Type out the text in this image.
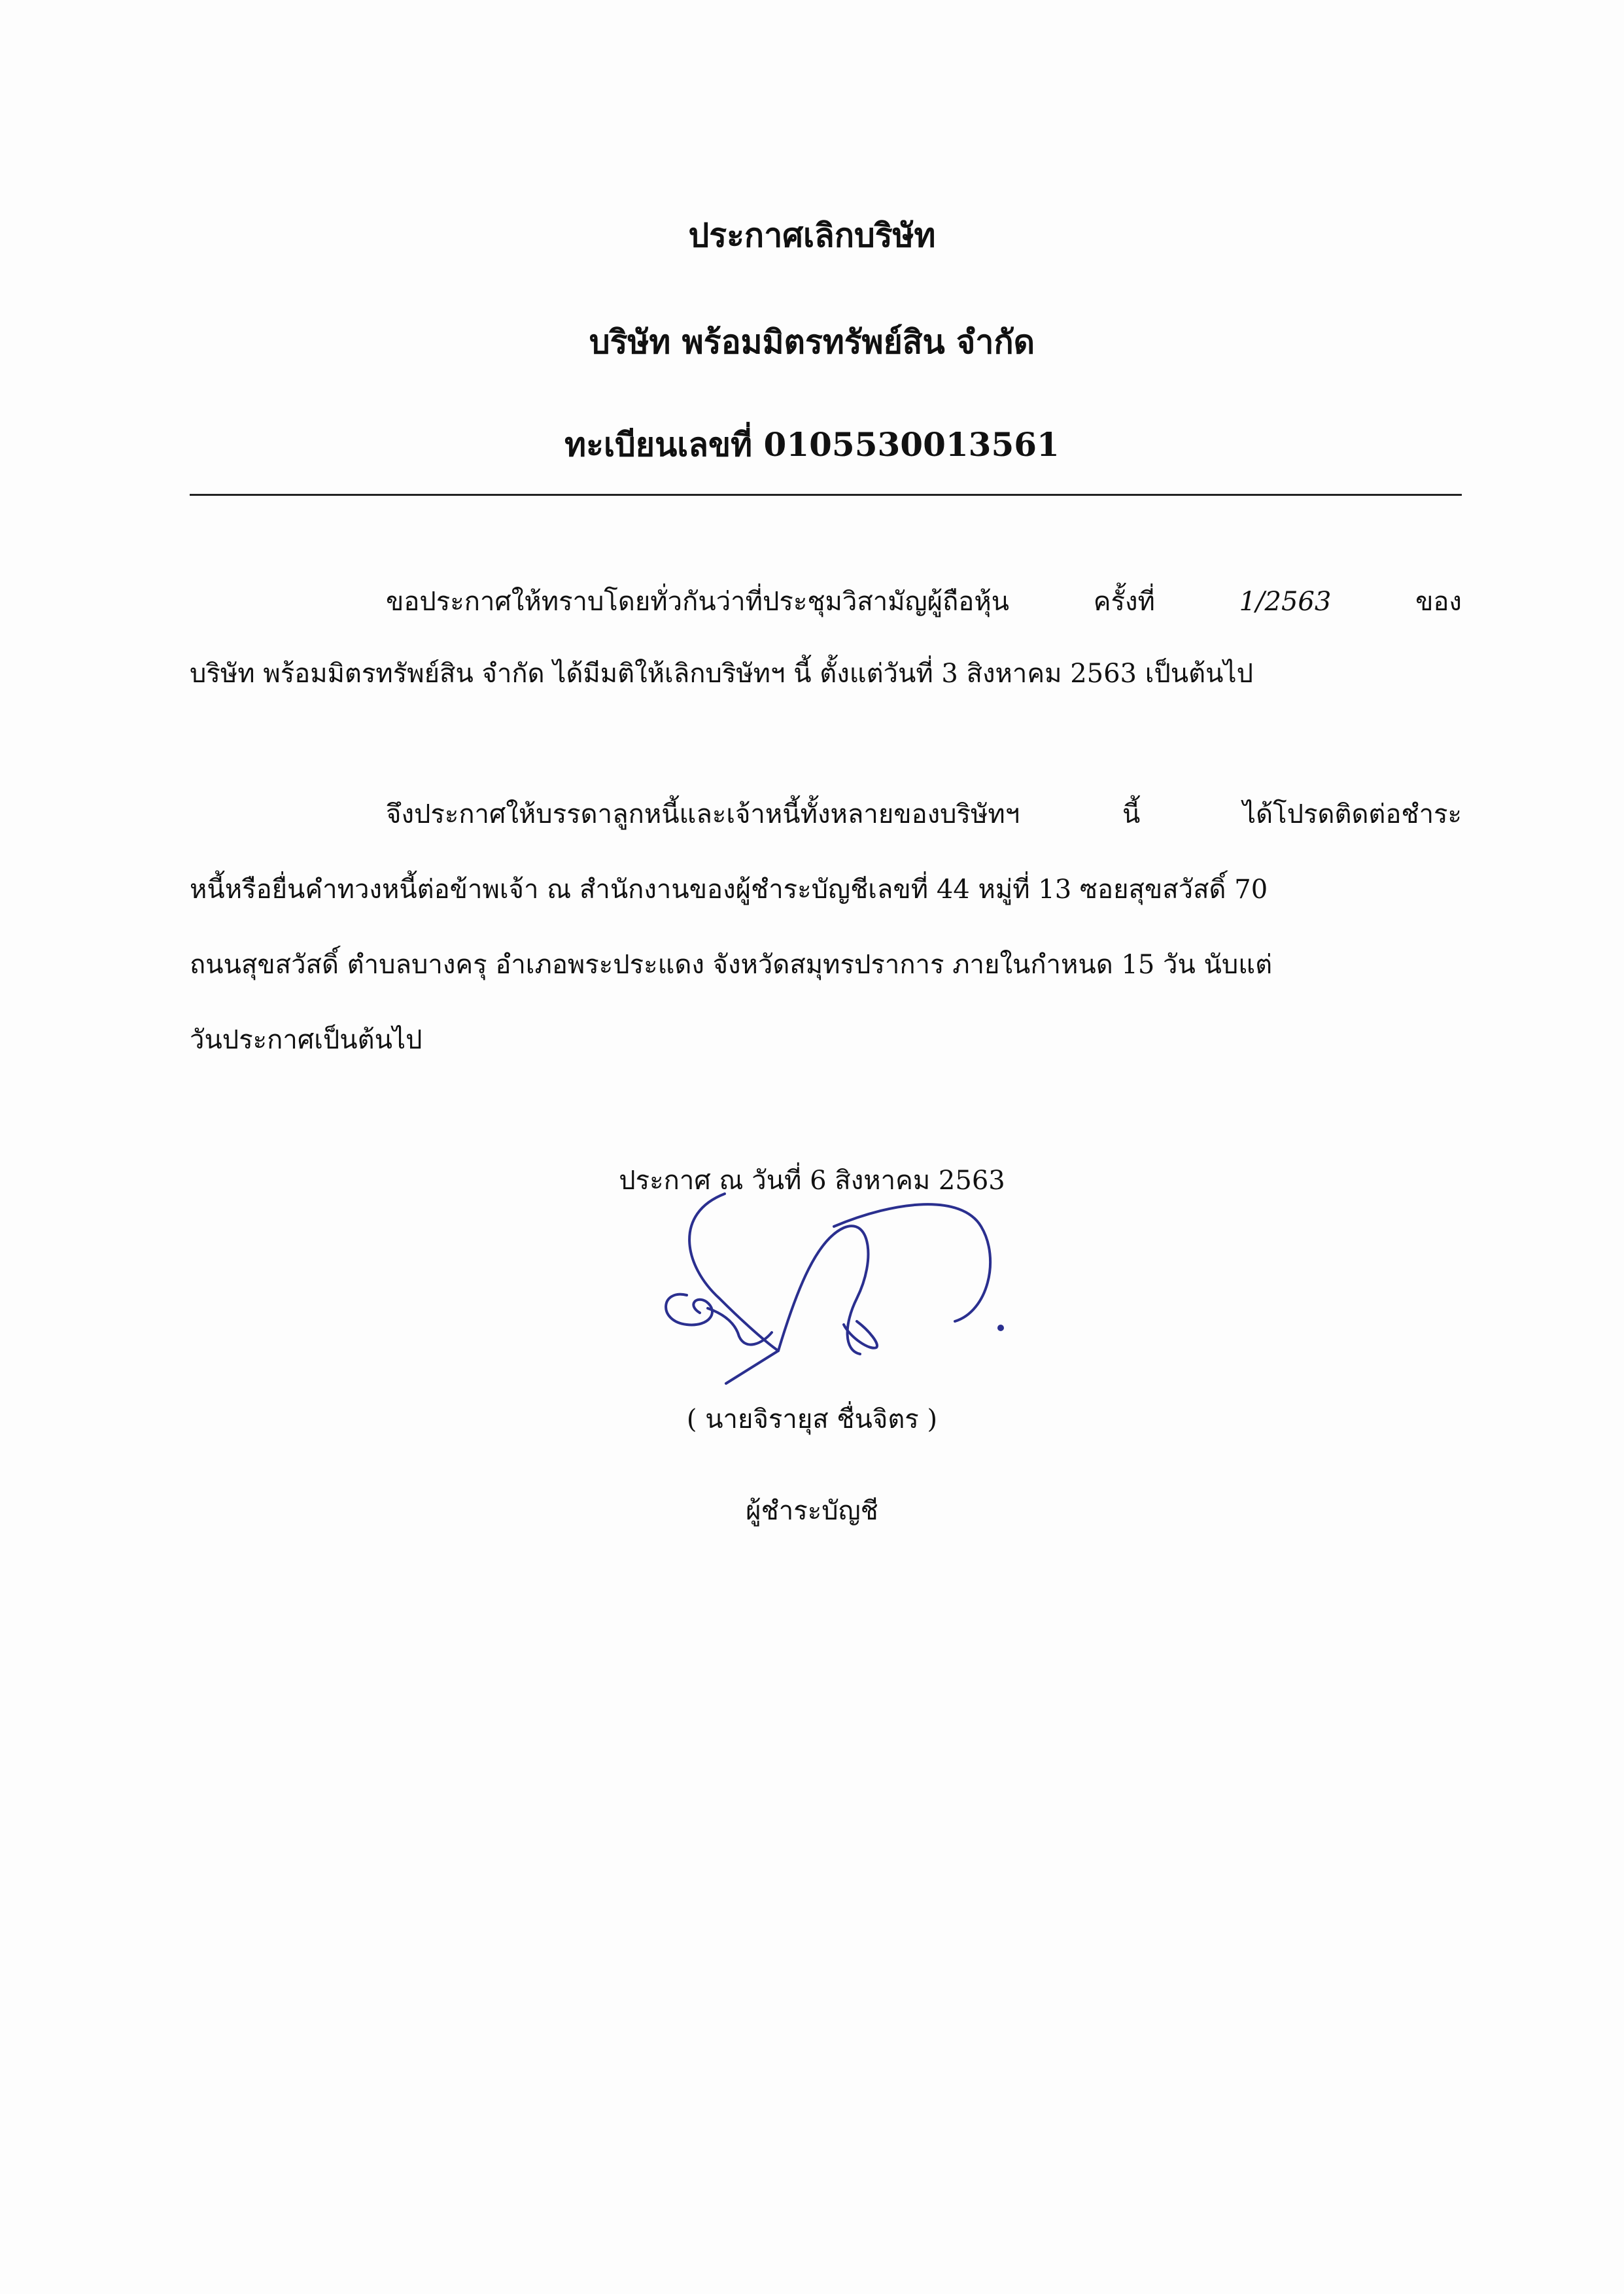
ประกาศเลิกบริษัท
บริษัท พร้อมมิตรทรัพย์สิน จำกัด
ทะเบียนเลขที่ 0105530013561
ขอประกาศให้ทราบโดยทั่วกันว่าที่ประชุมวิสามัญผู้ถือหุ้น	ครั้งที่	1/2563	ของ
บริษัท พร้อมมิตรทรัพย์สิน จำกัด ได้มีมติให้เลิกบริษัทฯ นี้ ตั้งแต่วันที่ 3 สิงหาคม 2563 เป็นต้นไป
จึงประกาศให้บรรดาลูกหนี้และเจ้าหนี้ทั้งหลายของบริษัทฯ	นี้	ได้โปรดติดต่อชำระ
หนี้หรือยื่นคำทวงหนี้ต่อข้าพเจ้า ณ สำนักงานของผู้ชำระบัญชีเลขที่ 44 หมู่ที่ 13 ซอยสุขสวัสดิ์ 70
ถนนสุขสวัสดิ์ ตำบลบางครุ อำเภอพระประแดง จังหวัดสมุทรปราการ ภายในกำหนด 15 วัน นับแต่
วันประกาศเป็นต้นไป
ประกาศ ณ วันที่ 6 สิงหาคม 2563
( นายจิรายุส ชื่นจิตร )
ผู้ชำระบัญชี
